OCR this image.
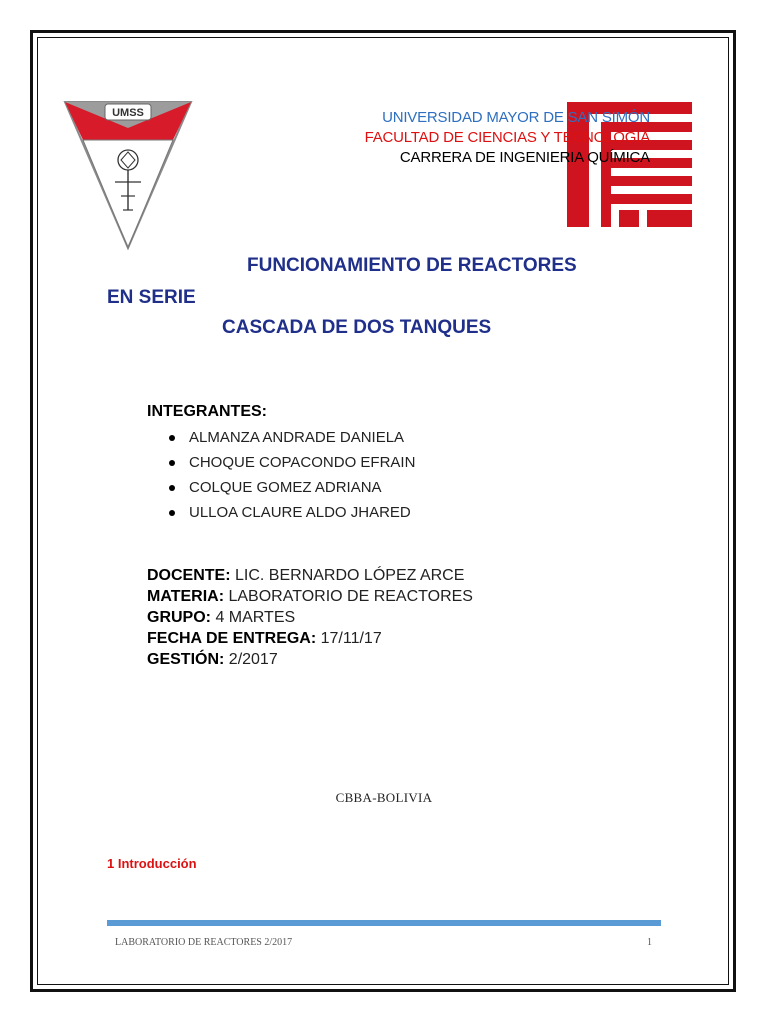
UMSS	UNIVERSIDAD MAYOR DE SAN SIMÓN
FACULTAD DE CIENCIAS Y TECNOLOGIA
CARRERA DE INGENIERIA QUÍMICA
FUNCIONAMIENTO DE REACTORES
EN SERIE
CASCADA DE DOS TANQUES
INTEGRANTES:
ALMANZA ANDRADE DANIELA
CHOQUE COPACONDO EFRAIN
COLQUE GOMEZ ADRIANA
ULLOA CLAURE ALDO JHARED
DOCENTE: LIC. BERNARDO LÓPEZ ARCE
MATERIA: LABORATORIO DE REACTORES
GRUPO: 4 MARTES
FECHA DE ENTREGA: 17/11/17
GESTIÓN: 2/2017
CBBA-BOLIVIA
1 Introducción
LABORATORIO DE REACTORES 2/2017	1
